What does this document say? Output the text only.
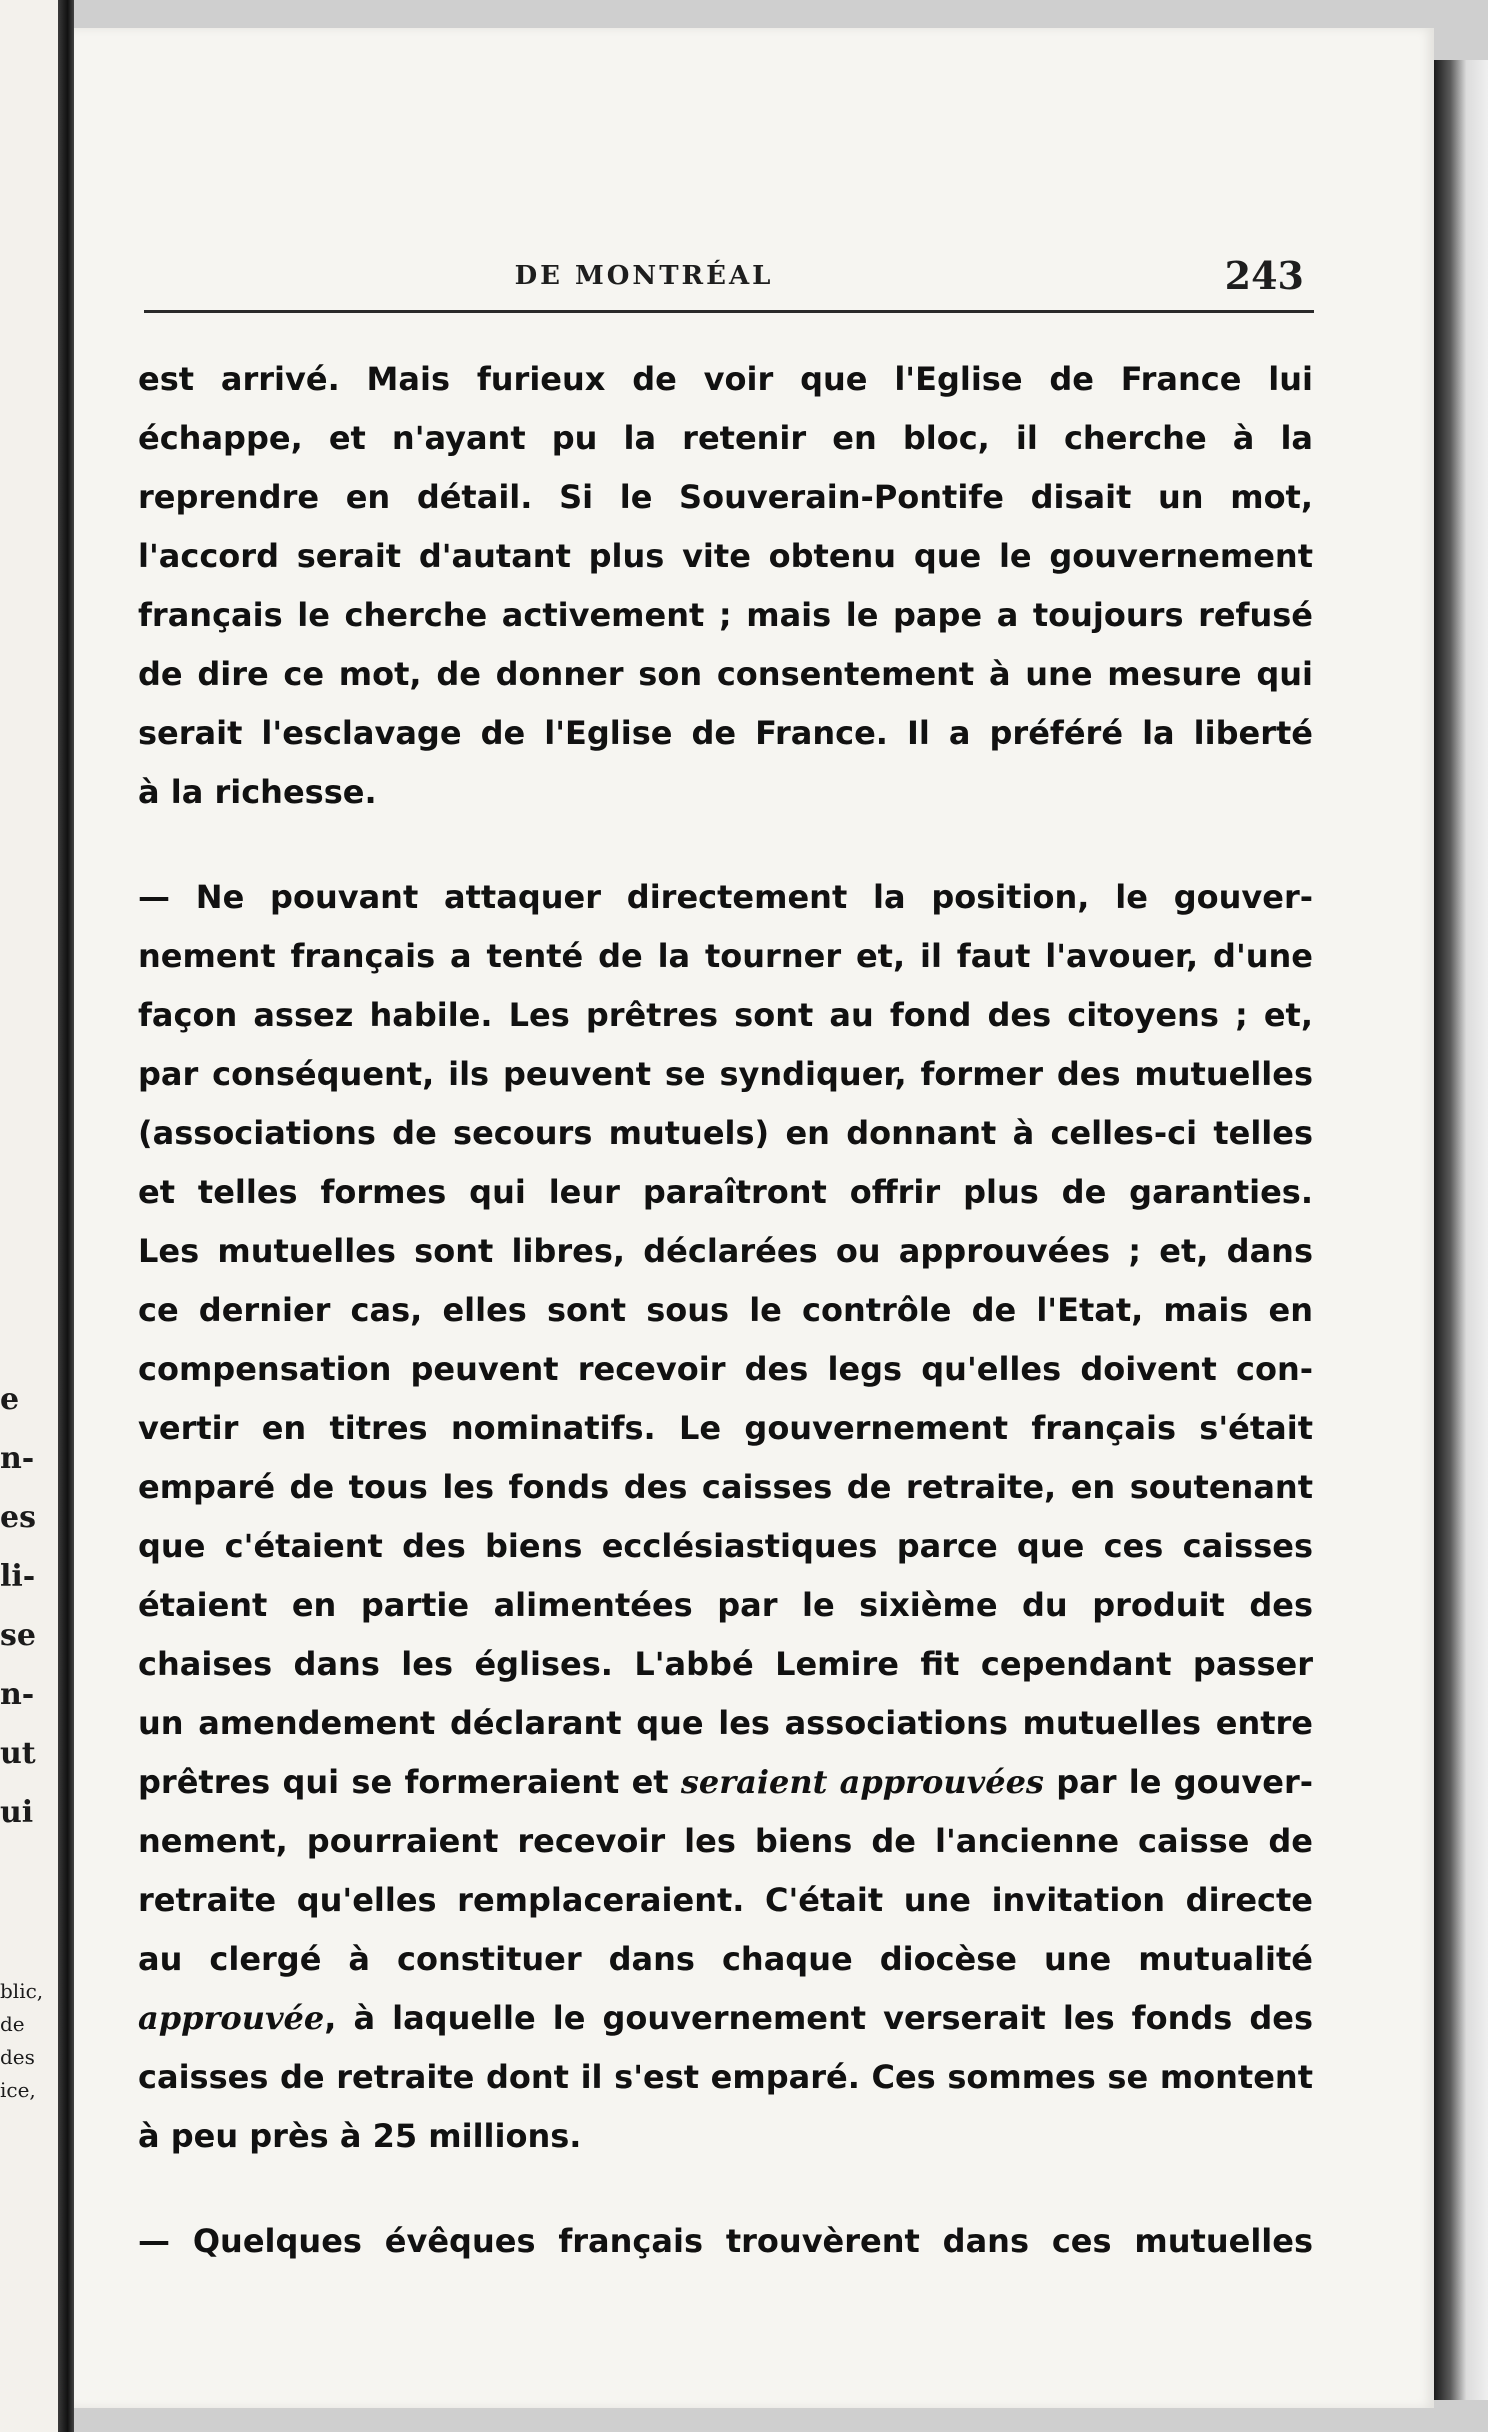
e
n-
es
li-
se
n-
ut
ui
blic,
de
des
ice,
DE MONTRÉAL	243
est arrivé. Mais furieux de voir que l'Eglise de France lui
échappe, et n'ayant pu la retenir en bloc, il cherche à la
reprendre en détail. Si le Souverain-Pontife disait un mot,
l'accord serait d'autant plus vite obtenu que le gouvernement
français le cherche activement ; mais le pape a toujours refusé
de dire ce mot, de donner son consentement à une mesure qui
serait l'esclavage de l'Eglise de France. Il a préféré la liberté
à la richesse.
— Ne pouvant attaquer directement la position, le gouver-
nement français a tenté de la tourner et, il faut l'avouer, d'une
façon assez habile. Les prêtres sont au fond des citoyens ; et,
par conséquent, ils peuvent se syndiquer, former des mutuelles
(associations de secours mutuels) en donnant à celles-ci telles
et telles formes qui leur paraîtront offrir plus de garanties.
Les mutuelles sont libres, déclarées ou approuvées ; et, dans
ce dernier cas, elles sont sous le contrôle de l'Etat, mais en
compensation peuvent recevoir des legs qu'elles doivent con-
vertir en titres nominatifs. Le gouvernement français s'était
emparé de tous les fonds des caisses de retraite, en soutenant
que c'étaient des biens ecclésiastiques parce que ces caisses
étaient en partie alimentées par le sixième du produit des
chaises dans les églises. L'abbé Lemire fit cependant passer
un amendement déclarant que les associations mutuelles entre
prêtres qui se formeraient et seraient approuvées par le gouver-
nement, pourraient recevoir les biens de l'ancienne caisse de
retraite qu'elles remplaceraient. C'était une invitation directe
au clergé à constituer dans chaque diocèse une mutualité
approuvée, à laquelle le gouvernement verserait les fonds des
caisses de retraite dont il s'est emparé. Ces sommes se montent
à peu près à 25 millions.
— Quelques évêques français trouvèrent dans ces mutuelles
